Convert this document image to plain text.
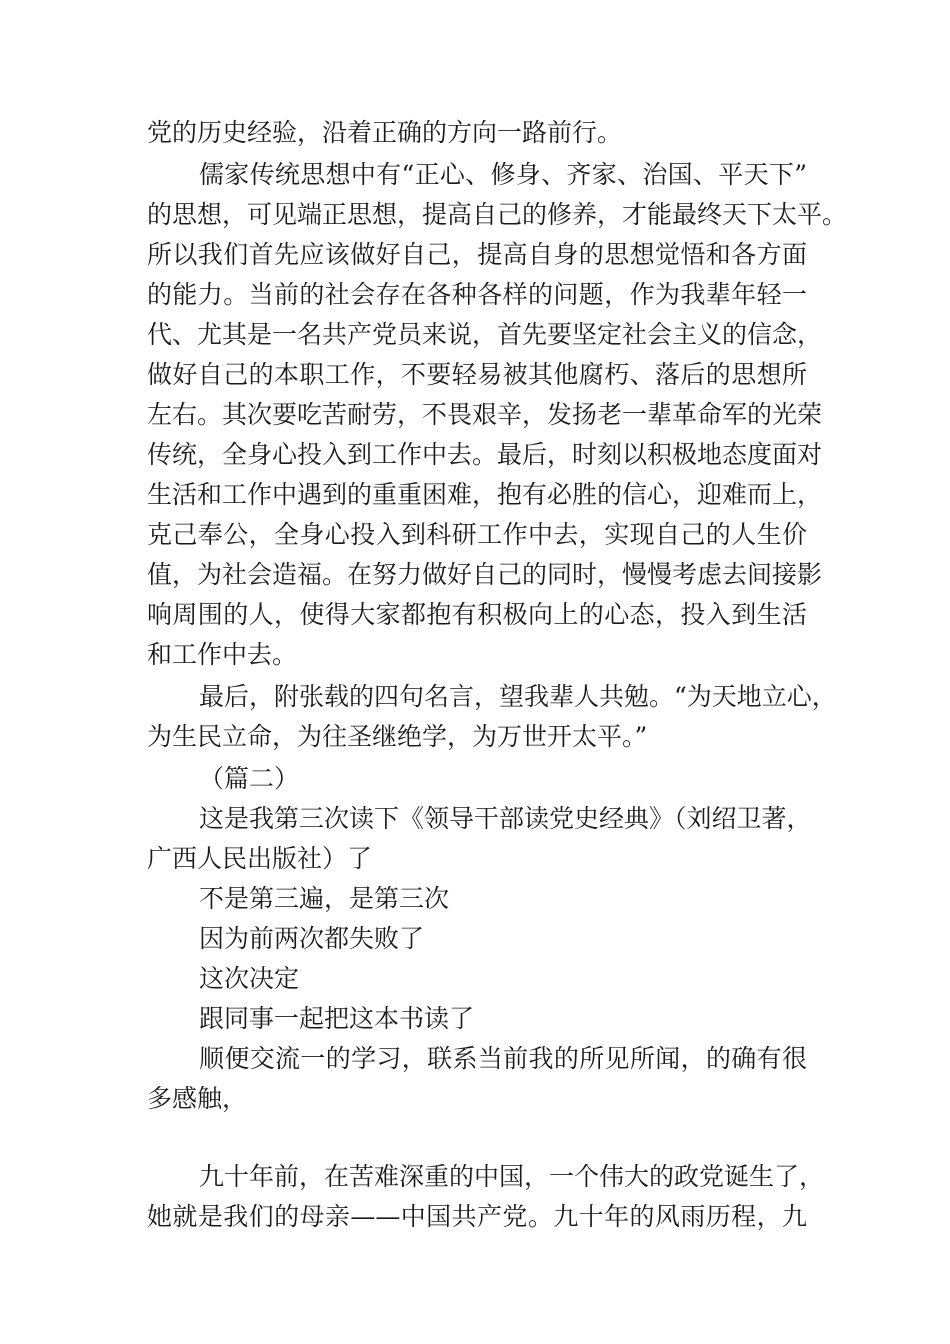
党的历史经验，沿着正确的方向一路前行。
儒家传统思想中有“正心、修身、齐家、治国、平天下”
的思想，可见端正思想，提高自己的修养，才能最终天下太平。
所以我们首先应该做好自己，提高自身的思想觉悟和各方面
的能力。当前的社会存在各种各样的问题，作为我辈年轻一
代、尤其是一名共产党员来说，首先要坚定社会主义的信念，
做好自己的本职工作，不要轻易被其他腐朽、落后的思想所
左右。其次要吃苦耐劳，不畏艰辛，发扬老一辈革命军的光荣
传统，全身心投入到工作中去。最后，时刻以积极地态度面对
生活和工作中遇到的重重困难，抱有必胜的信心，迎难而上，
克己奉公，全身心投入到科研工作中去，实现自己的人生价
值，为社会造福。在努力做好自己的同时，慢慢考虑去间接影
响周围的人，使得大家都抱有积极向上的心态，投入到生活
和工作中去。
最后，附张载的四句名言，望我辈人共勉。“为天地立心，
为生民立命，为往圣继绝学，为万世开太平。”
（篇二）
这是我第三次读下《领导干部读党史经典》（刘绍卫著，
广西人民出版社）了
不是第三遍，是第三次
因为前两次都失败了
这次决定
跟同事一起把这本书读了
顺便交流一的学习，联系当前我的所见所闻，的确有很
多感触，
九十年前，在苦难深重的中国，一个伟大的政党诞生了，
她就是我们的母亲——中国共产党。九十年的风雨历程，九
